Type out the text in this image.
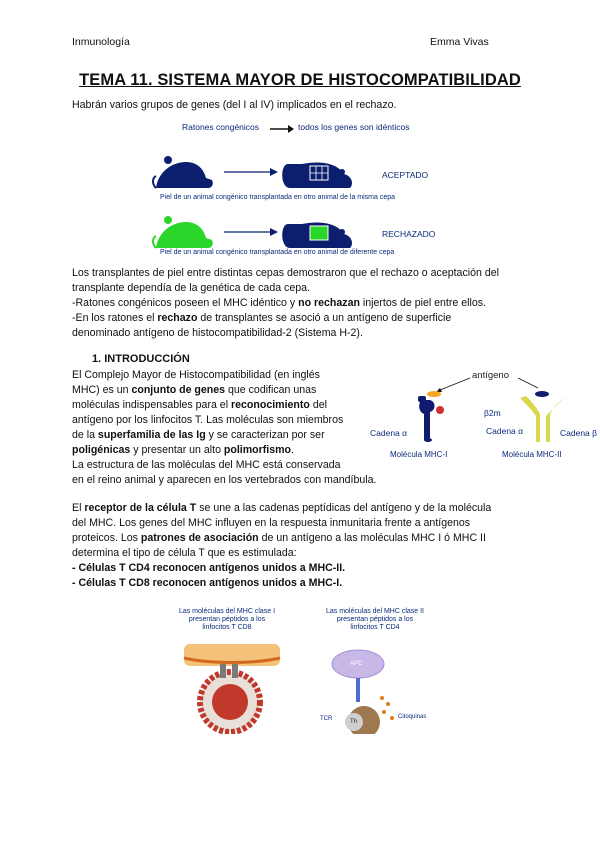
Inmunología	Emma Vivas
TEMA 11. SISTEMA MAYOR DE HISTOCOMPATIBILIDAD
Habrán varios grupos de genes (del I al IV) implicados en el rechazo.
Ratones congénicos	todos los genes son idénticos
ACEPTADO
Piel de un animal congénico transplantada en otro animal de la misma cepa
RECHAZADO
Piel de un animal congénico transplantada en otro animal de diferente cepa
Los transplantes de piel entre distintas cepas demostraron que el rechazo o aceptación del
transplante dependía de la genética de cada cepa.
-Ratones congénicos poseen el MHC idéntico y no rechazan injertos de piel entre ellos.
-En los ratones el rechazo de transplantes se asoció a un antígeno de superficie
denominado antígeno de histocompatibilidad-2 (Sistema H-2).
1. INTRODUCCIÓN
El Complejo Mayor de Histocompatibilidad (en inglés
MHC) es un conjunto de genes que codifican unas
moléculas indispensables para el reconocimiento del
antígeno por los linfocitos T. Las moléculas son miembros
de la superfamilia de las Ig y se caracterizan por ser
poligénicas y presentar un alto polimorfismo.
La estructura de las moléculas del MHC está conservada
en el reino animal y aparecen en los vertebrados con mandíbula.
antígeno
β2m
Cadena α	Cadena α	Cadena β
Molécula MHC-I	Molécula MHC-II
El receptor de la célula T se une a las cadenas peptídicas del antígeno y de la molécula
del MHC. Los genes del MHC influyen en la respuesta inmunitaria frente a antígenos
proteicos. Los patrones de asociación de un antígeno a las moléculas MHC I ó MHC II
determina el tipo de célula T que es estimulada:
- Células T CD4 reconocen antígenos unidos a MHC-II.
- Células T CD8 reconocen antígenos unidos a MHC-I.
Las moléculas del MHC clase I
presentan péptidos a los
linfocitos T CD8
Las moléculas del MHC clase II
presentan péptidos a los
linfocitos T CD4
APC
Th
Citoquinas
TCR
